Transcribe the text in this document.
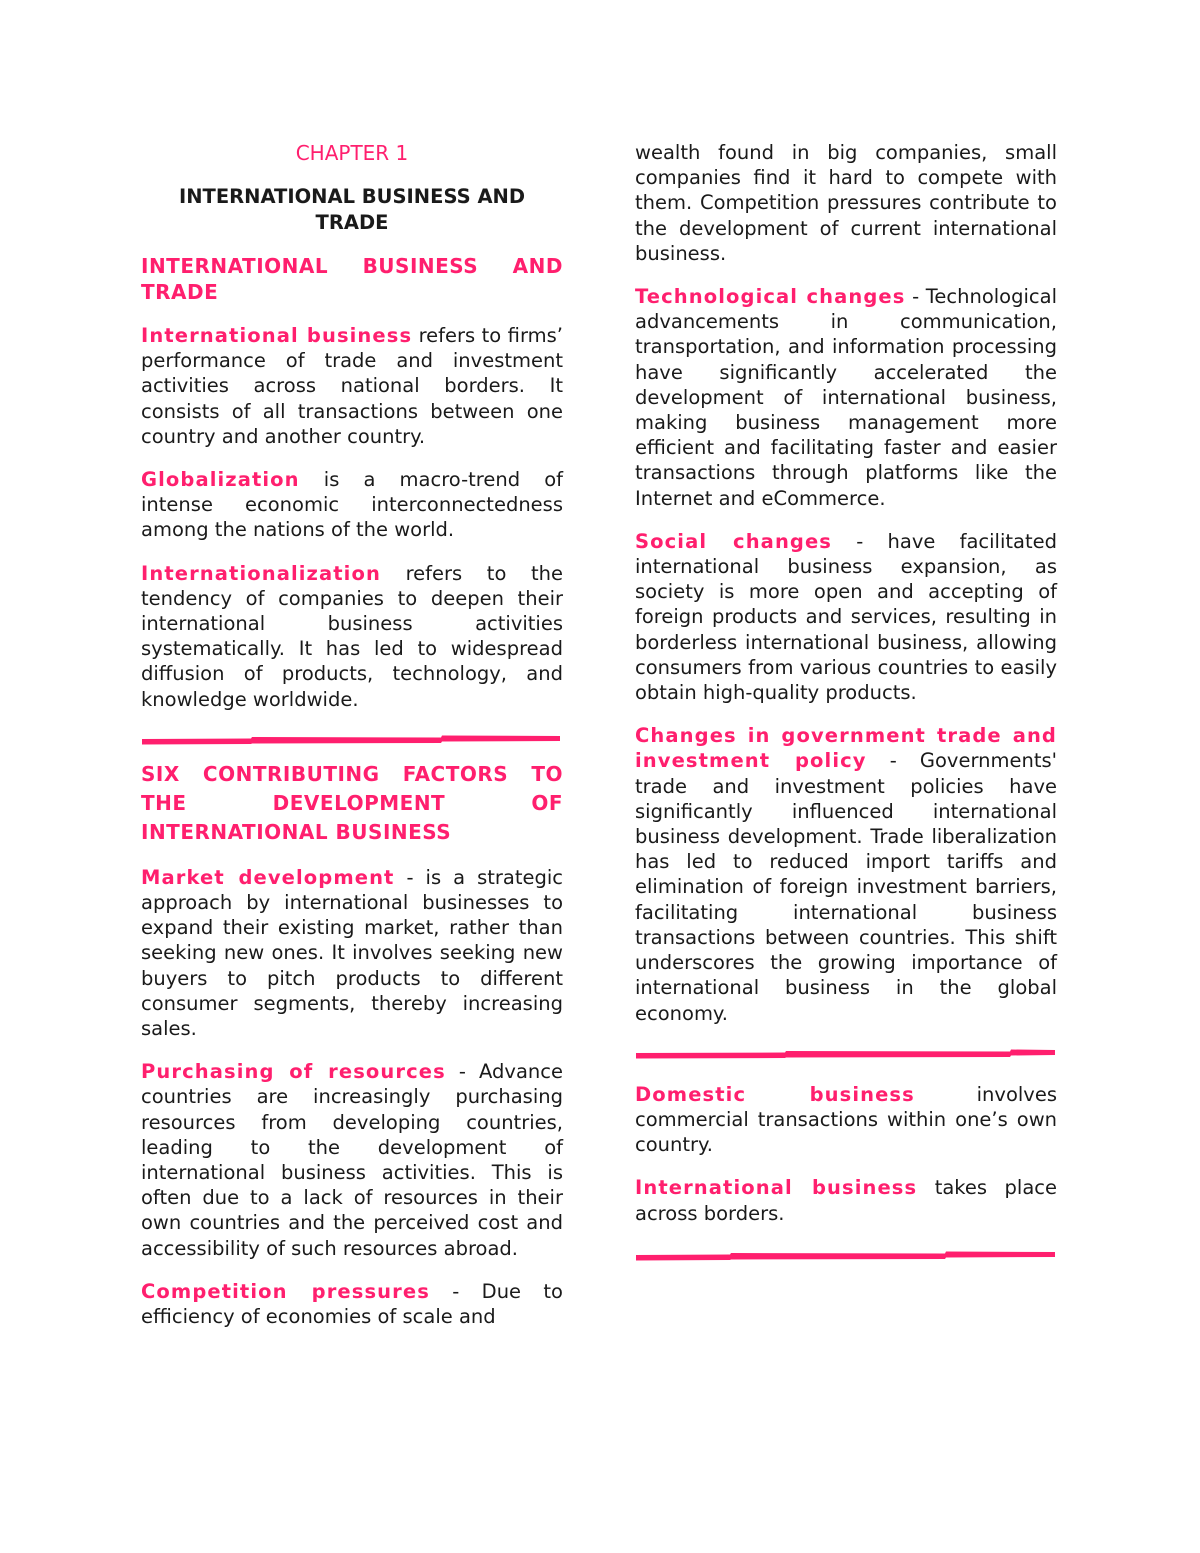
CHAPTER 1
INTERNATIONAL BUSINESS AND TRADE
INTERNATIONAL BUSINESS AND TRADE

International business refers to firms’ performance of trade and investment activities across national borders. It consists of all transactions between one country and another country.

Globalization is a macro-trend of intense economic interconnectedness among the nations of the world.

Internationalization refers to the tendency of companies to deepen their international business activities systematically. It has led to widespread diffusion of products, technology, and knowledge worldwide.

SIX CONTRIBUTING FACTORS TO THE DEVELOPMENT OF INTERNATIONAL BUSINESS

Market development - is a strategic approach by international businesses to expand their existing market, rather than seeking new ones. It involves seeking new buyers to pitch products to different consumer segments, thereby increasing sales.

Purchasing of resources - Advance countries are increasingly purchasing resources from developing countries, leading to the development of international business activities. This is often due to a lack of resources in their own countries and the perceived cost and accessibility of such resources abroad.

Competition pressures - Due to efficiency of economies of scale and

wealth found in big companies, small companies find it hard to compete with them. Competition pressures contribute to the development of current international business.

Technological changes - Technological advancements in communication, transportation, and information processing have significantly accelerated the development of international business, making business management more efficient and facilitating faster and easier transactions through platforms like the Internet and eCommerce.

Social changes - have facilitated international business expansion, as society is more open and accepting of foreign products and services, resulting in borderless international business, allowing consumers from various countries to easily obtain high-quality products.

Changes in government trade and investment policy - Governments' trade and investment policies have significantly influenced international business development. Trade liberalization has led to reduced import tariffs and elimination of foreign investment barriers, facilitating international business transactions between countries. This shift underscores the growing importance of international business in the global economy.

Domestic business involves commercial transactions within one’s own country.

International business takes place across borders.
